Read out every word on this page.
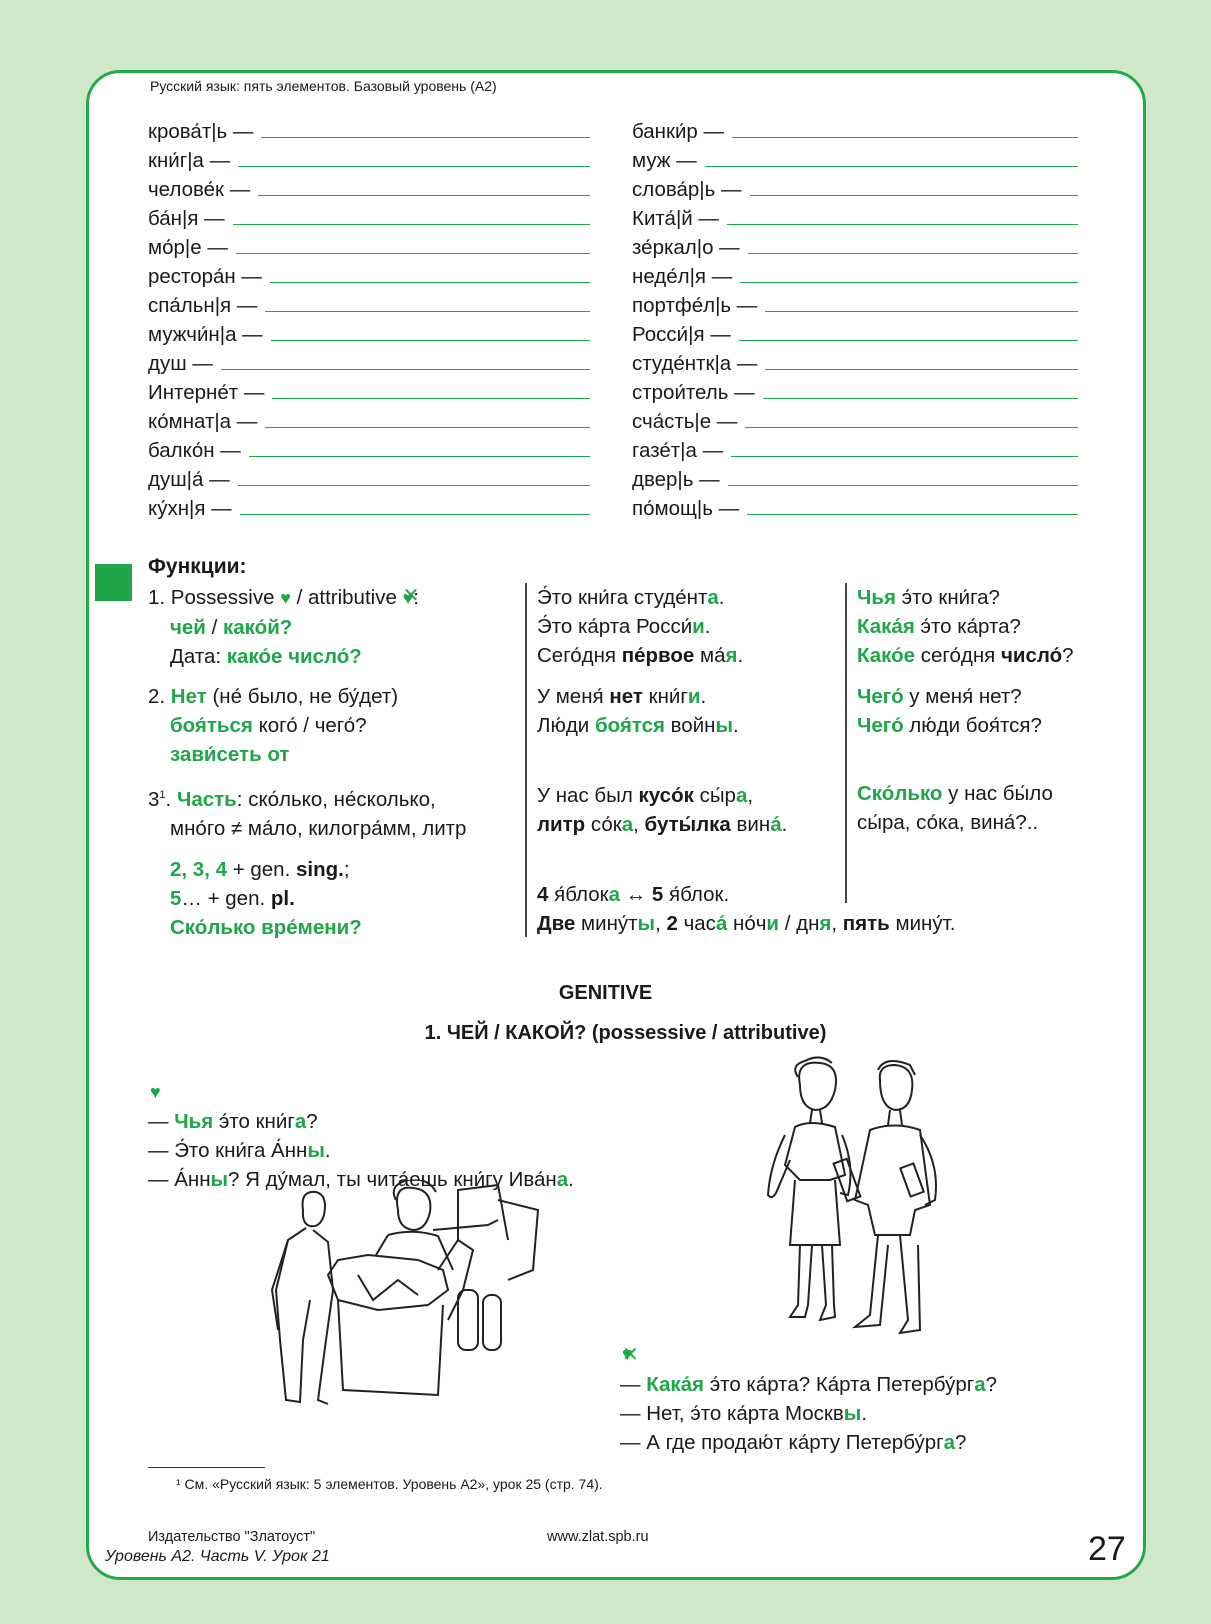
Русский язык: пять элементов. Базовый уровень (А2)
крова́т|ь —
кни́г|а —
челове́к —
ба́н|я —
мо́р|е —
рестора́н —
спа́льн|я —
мужчи́н|а —
душ —
Интерне́т —
ко́мнат|а —
балко́н —
душ|а́ —
ку́хн|я —
банки́р —
муж —
слова́р|ь —
Кита́|й —
зе́ркал|о —
неде́л|я —
портфе́л|ь —
Росси́|я —
студе́нтк|а —
строи́тель —
сча́сть|е —
газе́т|а —
двер|ь —
по́мощ|ь —
Функции:
1. Possessive ♥ / attributive ♥ ✕:
чей / како́й?
Дата: како́е число́?
2. Нет (не́ было, не бу́дет)
боя́ться кого́ / чего́?
зави́сеть от
$3^1$. Часть: ско́лько, не́сколько,
мно́го ≠ ма́ло, килогра́мм, литр
2, 3, 4 + gen. sing.;
5… + gen. pl.
Ско́лько вре́мени?
Э́то кни́га студе́нта.
Э́то ка́рта Росси́и.
Сего́дня пе́рвое ма́я.
У меня́ нет кни́ги.
Лю́ди боя́тся войны.
У нас был кусо́к сы́ра,
литр со́ка, буты́лка вина́.
4 я́блока ↔ 5 я́блок.
Две мину́ты, 2 часа́ но́чи / дня, пять мину́т.
Чья э́то кни́га?
Кака́я э́то ка́рта?
Како́е сего́дня число́?
Чего́ у меня́ нет?
Чего́ лю́ди боя́тся?
Ско́лько у нас бы́ло
сы́ра, со́ка, вина́?..
GENITIVE
1. ЧЕЙ / КАКОЙ? (possessive / attributive)
♥
— Чья э́то кни́га?
— Э́то кни́га А́нны.
— А́нны? Я ду́мал, ты чита́ешь кни́гу Ива́на.
♥ ✕
— Кака́я э́то ка́рта? Ка́рта Петербу́рга?
— Нет, э́то ка́рта Москвы.
— А где продаю́т ка́рту Петербу́рга?
¹ См. «Русский язык: 5 элементов. Уровень А2», урок 25 (стр. 74).
Издательство "Златоуст"
Уровень А2. Часть V. Урок 21
www.zlat.spb.ru	27
